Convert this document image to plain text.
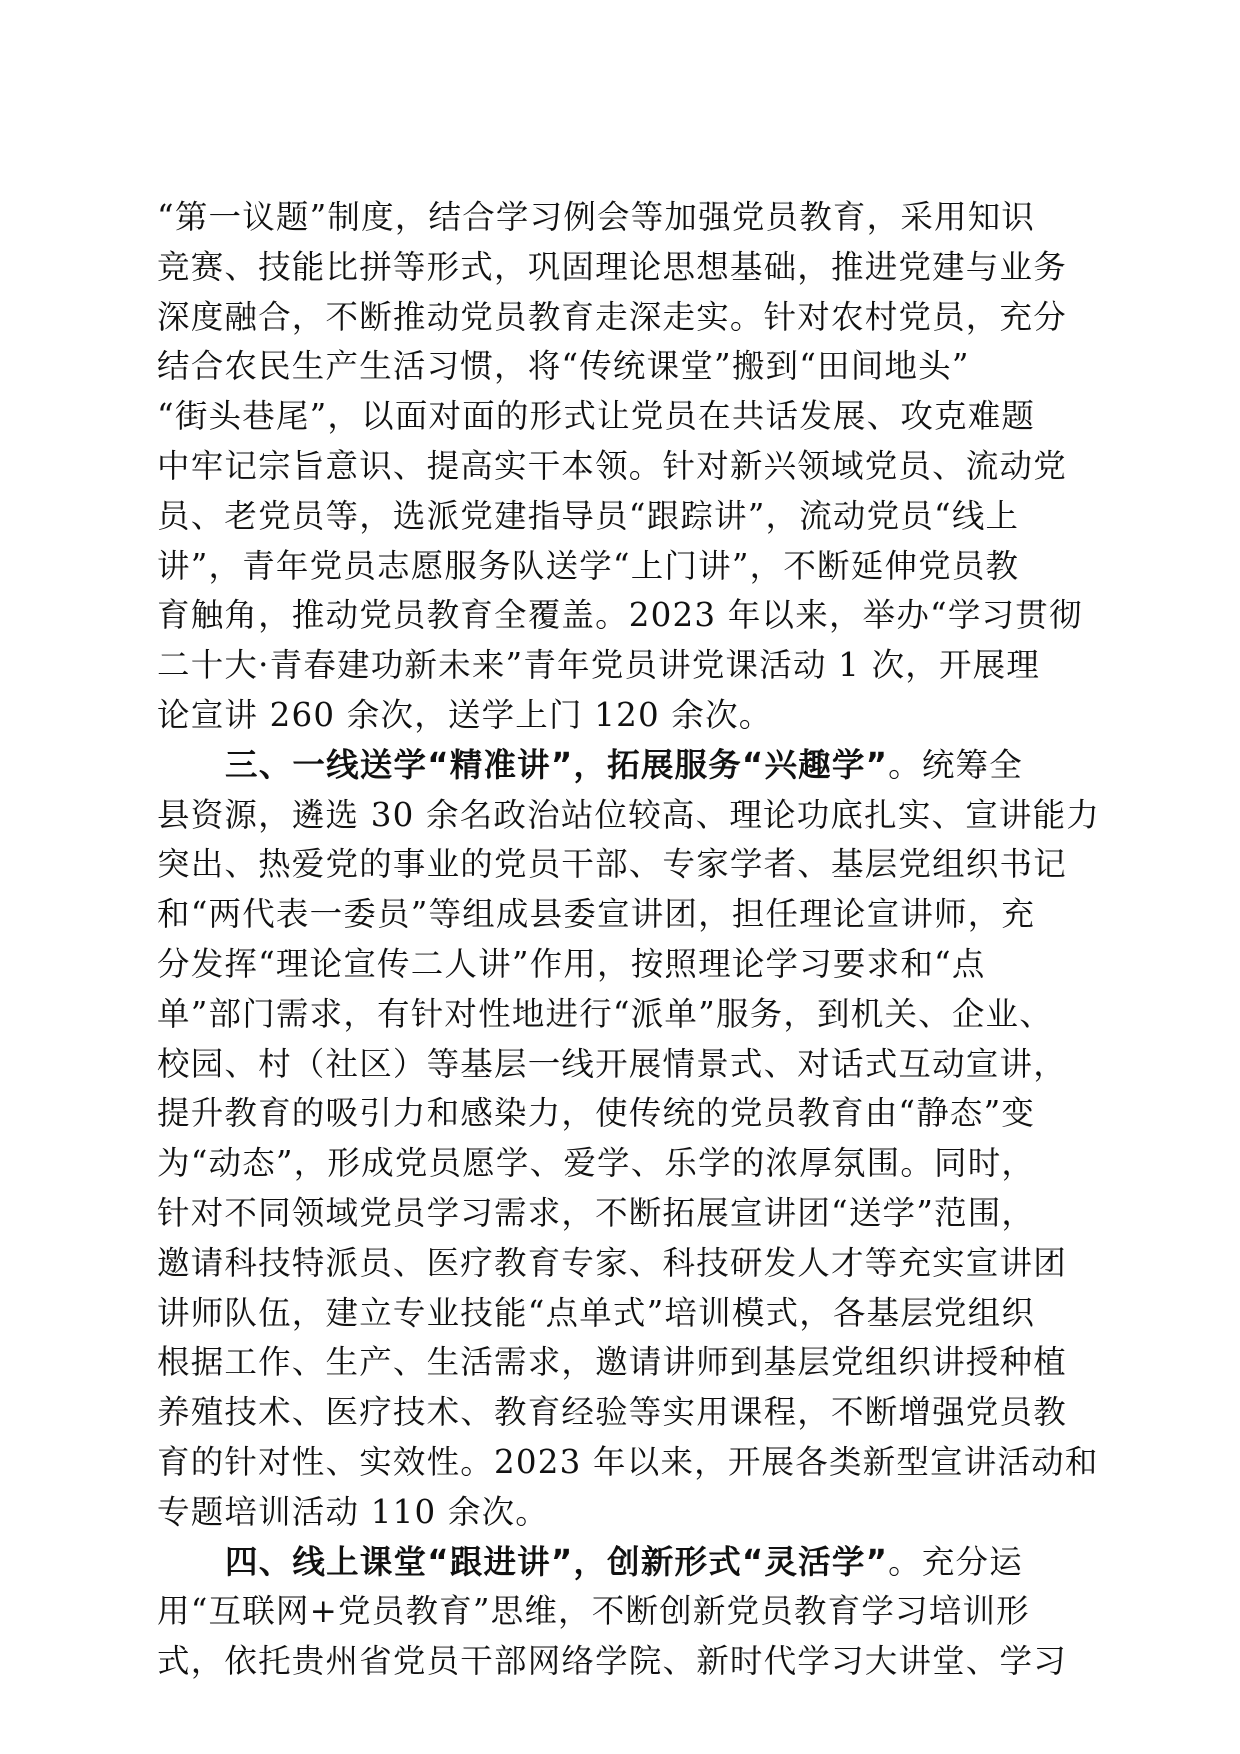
“第一议题”制度，结合学习例会等加强党员教育，采用知识
竞赛、技能比拼等形式，巩固理论思想基础，推进党建与业务
深度融合，不断推动党员教育走深走实。针对农村党员，充分
结合农民生产生活习惯，将“传统课堂”搬到“田间地头”
“街头巷尾”，以面对面的形式让党员在共话发展、攻克难题
中牢记宗旨意识、提高实干本领。针对新兴领域党员、流动党
员、老党员等，选派党建指导员“跟踪讲”，流动党员“线上
讲”，青年党员志愿服务队送学“上门讲”，不断延伸党员教
育触角，推动党员教育全覆盖。2023 年以来，举办“学习贯彻
二十大·青春建功新未来”青年党员讲党课活动 1 次，开展理
论宣讲 260 余次，送学上门 120 余次。
三、一线送学“精准讲”，拓展服务“兴趣学”。统筹全
县资源，遴选 30 余名政治站位较高、理论功底扎实、宣讲能力
突出、热爱党的事业的党员干部、专家学者、基层党组织书记
和“两代表一委员”等组成县委宣讲团，担任理论宣讲师，充
分发挥“理论宣传二人讲”作用，按照理论学习要求和“点
单”部门需求，有针对性地进行“派单”服务，到机关、企业、
校园、村（社区）等基层一线开展情景式、对话式互动宣讲，
提升教育的吸引力和感染力，使传统的党员教育由“静态”变
为“动态”，形成党员愿学、爱学、乐学的浓厚氛围。同时，
针对不同领域党员学习需求，不断拓展宣讲团“送学”范围，
邀请科技特派员、医疗教育专家、科技研发人才等充实宣讲团
讲师队伍，建立专业技能“点单式”培训模式，各基层党组织
根据工作、生产、生活需求，邀请讲师到基层党组织讲授种植
养殖技术、医疗技术、教育经验等实用课程，不断增强党员教
育的针对性、实效性。2023 年以来，开展各类新型宣讲活动和
专题培训活动 110 余次。
四、线上课堂“跟进讲”，创新形式“灵活学”。充分运
用“互联网+党员教育”思维，不断创新党员教育学习培训形
式，依托贵州省党员干部网络学院、新时代学习大讲堂、学习
